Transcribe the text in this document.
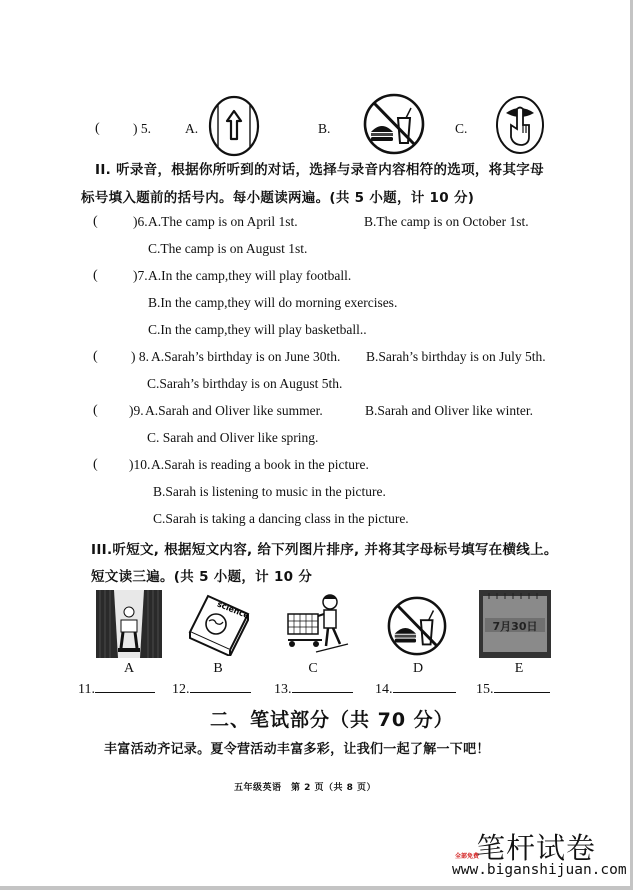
( ) 5.	A.	B.	C.
II. 听录音，根据你所听到的对话，选择与录音内容相符的选项，将其字母
标号填入题前的括号内。每小题读两遍。(共 5 小题，计 10 分)
(	)6. A.The camp is on April 1st.	B.The camp is on October 1st.
C.The camp is on August 1st.
(	)7. A.In the camp,they will play football.
B.In the camp,they will do morning exercises.
C.In the camp,they will play basketball..
( ) 8. A.Sarah’s birthday is on June 30th. B.Sarah’s birthday is on July 5th.
C.Sarah’s birthday is on August 5th.
( )9. A.Sarah and Oliver like summer.	B.Sarah and Oliver like winter.
C. Sarah and Oliver like spring.
( )10. A.Sarah is reading a book in the picture.
B.Sarah is listening to music in the picture.
C.Sarah is taking a dancing class in the picture.
III.听短文, 根据短文内容, 给下列图片排序, 并将其字母标号填写在横线上。
短文读三遍。(共 5 小题，计 10 分
science
7月30日
A	B	C	D	E
11.	12.	13.	14.	15.
二、笔试部分（共 70 分）
丰富活动齐记录。夏令营活动丰富多彩，让我们一起了解一下吧！
五年级英语　第 2 页（共 8 页）
全部免费
笔杆试卷
www.biganshijuan.com
